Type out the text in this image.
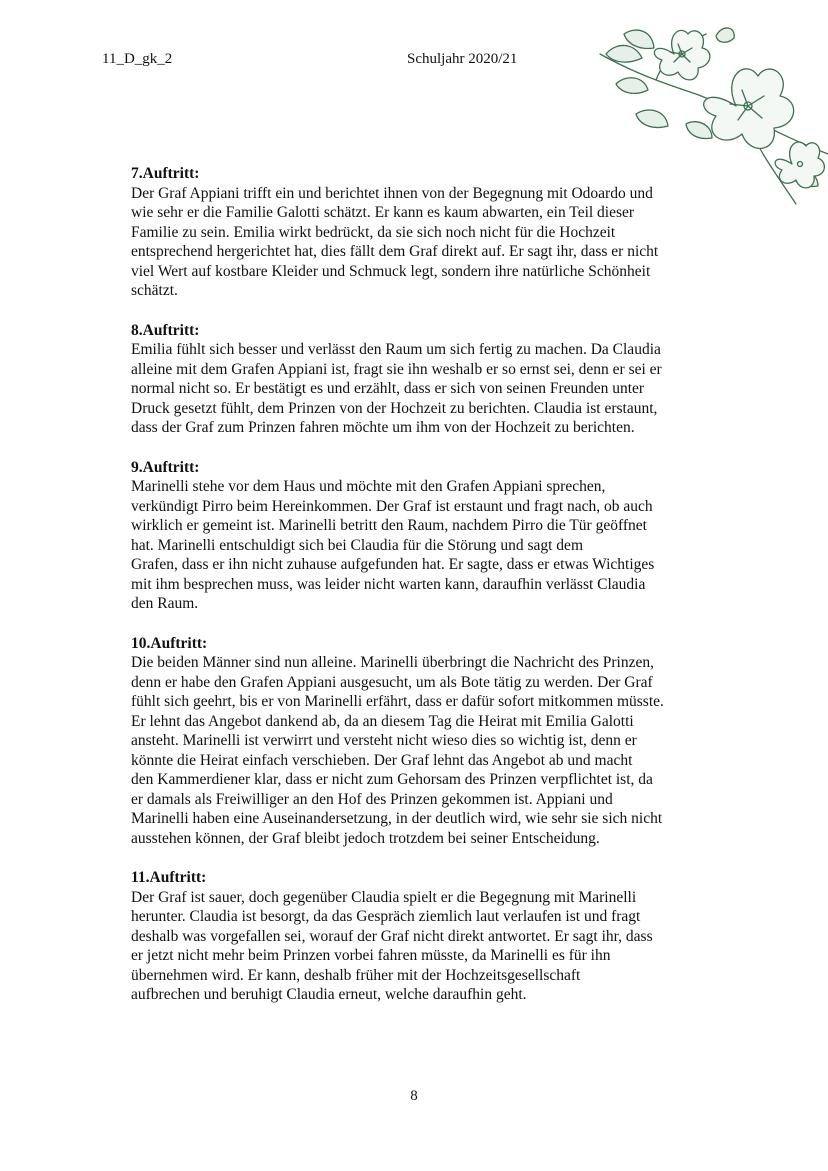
11_D_gk_2	Schuljahr 2020/21
7.Auftritt:

Der Graf Appiani trifft ein und berichtet ihnen von der Begegnung mit Odoardo und

wie sehr er die Familie Galotti schätzt. Er kann es kaum abwarten, ein Teil dieser

Familie zu sein. Emilia wirkt bedrückt, da sie sich noch nicht für die Hochzeit

entsprechend hergerichtet hat, dies fällt dem Graf direkt auf. Er sagt ihr, dass er nicht

viel Wert auf kostbare Kleider und Schmuck legt, sondern ihre natürliche Schönheit

schätzt.

8.Auftritt:

Emilia fühlt sich besser und verlässt den Raum um sich fertig zu machen. Da Claudia

alleine mit dem Grafen Appiani ist, fragt sie ihn weshalb er so ernst sei, denn er sei er

normal nicht so. Er bestätigt es und erzählt, dass er sich von seinen Freunden unter

Druck gesetzt fühlt, dem Prinzen von der Hochzeit zu berichten. Claudia ist erstaunt,

dass der Graf zum Prinzen fahren möchte um ihm von der Hochzeit zu berichten.

9.Auftritt:

Marinelli stehe vor dem Haus und möchte mit den Grafen Appiani sprechen,

verkündigt Pirro beim Hereinkommen. Der Graf ist erstaunt und fragt nach, ob auch

wirklich er gemeint ist. Marinelli betritt den Raum, nachdem Pirro die Tür geöffnet

hat. Marinelli entschuldigt sich bei Claudia für die Störung und sagt dem

Grafen, dass er ihn nicht zuhause aufgefunden hat. Er sagte, dass er etwas Wichtiges

mit ihm besprechen muss, was leider nicht warten kann, daraufhin verlässt Claudia

den Raum.

10.Auftritt:

Die beiden Männer sind nun alleine. Marinelli überbringt die Nachricht des Prinzen,

denn er habe den Grafen Appiani ausgesucht, um als Bote tätig zu werden. Der Graf

fühlt sich geehrt, bis er von Marinelli erfährt, dass er dafür sofort mitkommen müsste.

Er lehnt das Angebot dankend ab, da an diesem Tag die Heirat mit Emilia Galotti

ansteht. Marinelli ist verwirrt und versteht nicht wieso dies so wichtig ist, denn er

könnte die Heirat einfach verschieben. Der Graf lehnt das Angebot ab und macht

den Kammerdiener klar, dass er nicht zum Gehorsam des Prinzen verpflichtet ist, da

er damals als Freiwilliger an den Hof des Prinzen gekommen ist. Appiani und

Marinelli haben eine Auseinandersetzung, in der deutlich wird, wie sehr sie sich nicht

ausstehen können, der Graf bleibt jedoch trotzdem bei seiner Entscheidung.

11.Auftritt:

Der Graf ist sauer, doch gegenüber Claudia spielt er die Begegnung mit Marinelli

herunter. Claudia ist besorgt, da das Gespräch ziemlich laut verlaufen ist und fragt

deshalb was vorgefallen sei, worauf der Graf nicht direkt antwortet. Er sagt ihr, dass

er jetzt nicht mehr beim Prinzen vorbei fahren müsste, da Marinelli es für ihn

übernehmen wird. Er kann, deshalb früher mit der Hochzeitsgesellschaft

aufbrechen und beruhigt Claudia erneut, welche daraufhin geht.

8
